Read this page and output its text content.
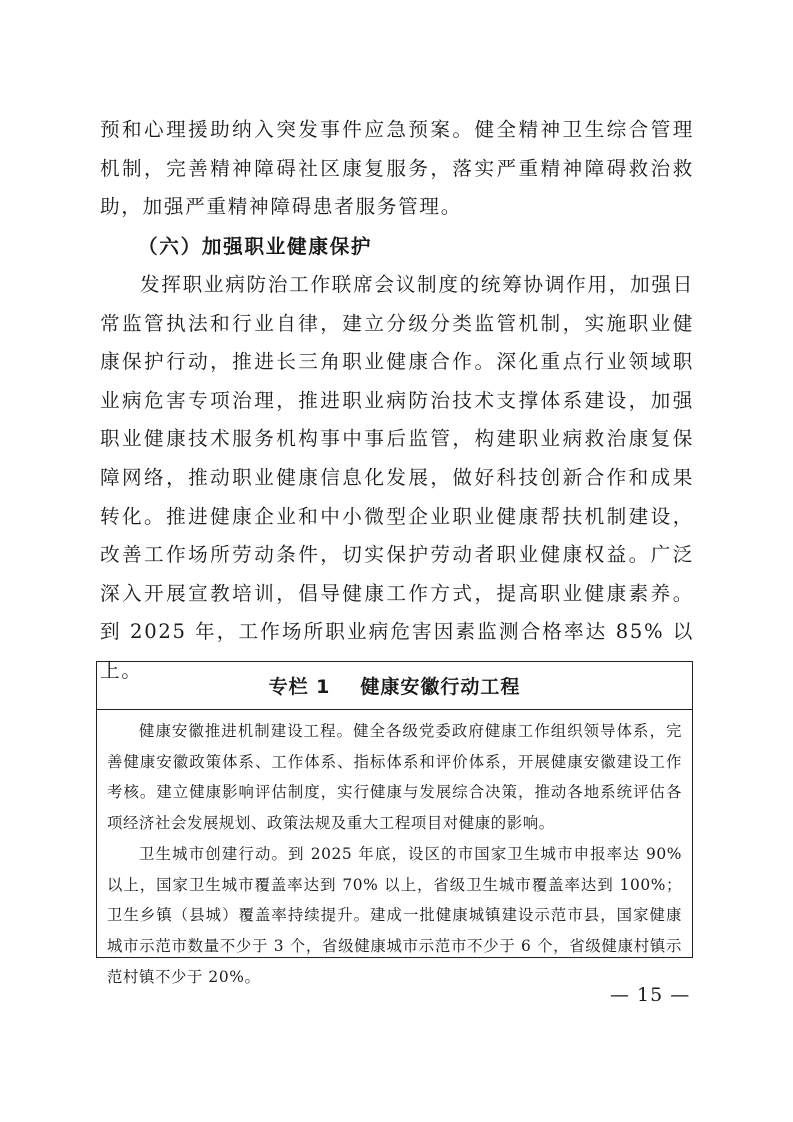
预和心理援助纳入突发事件应急预案。健全精神卫生综合管理机制，完善精神障碍社区康复服务，落实严重精神障碍救治救助，加强严重精神障碍患者服务管理。

（六）加强职业健康保护

发挥职业病防治工作联席会议制度的统筹协调作用，加强日常监管执法和行业自律，建立分级分类监管机制，实施职业健康保护行动，推进长三角职业健康合作。深化重点行业领域职业病危害专项治理，推进职业病防治技术支撑体系建设，加强职业健康技术服务机构事中事后监管，构建职业病救治康复保障网络，推动职业健康信息化发展，做好科技创新合作和成果转化。推进健康企业和中小微型企业职业健康帮扶机制建设，改善工作场所劳动条件，切实保护劳动者职业健康权益。广泛深入开展宣教培训，倡导健康工作方式，提高职业健康素养。到 2025 年，工作场所职业病危害因素监测合格率达 85% 以上。

专栏 1 健康安徽行动工程

健康安徽推进机制建设工程。健全各级党委政府健康工作组织领导体系，完善健康安徽政策体系、工作体系、指标体系和评价体系，开展健康安徽建设工作考核。建立健康影响评估制度，实行健康与发展综合决策，推动各地系统评估各项经济社会发展规划、政策法规及重大工程项目对健康的影响。

卫生城市创建行动。到 2025 年底，设区的市国家卫生城市申报率达 90% 以上，国家卫生城市覆盖率达到 70% 以上，省级卫生城市覆盖率达到 100%；卫生乡镇（县城）覆盖率持续提升。建成一批健康城镇建设示范市县，国家健康城市示范市数量不少于 3 个，省级健康城市示范市不少于 6 个，省级健康村镇示范村镇不少于 20%。

— 15 —
